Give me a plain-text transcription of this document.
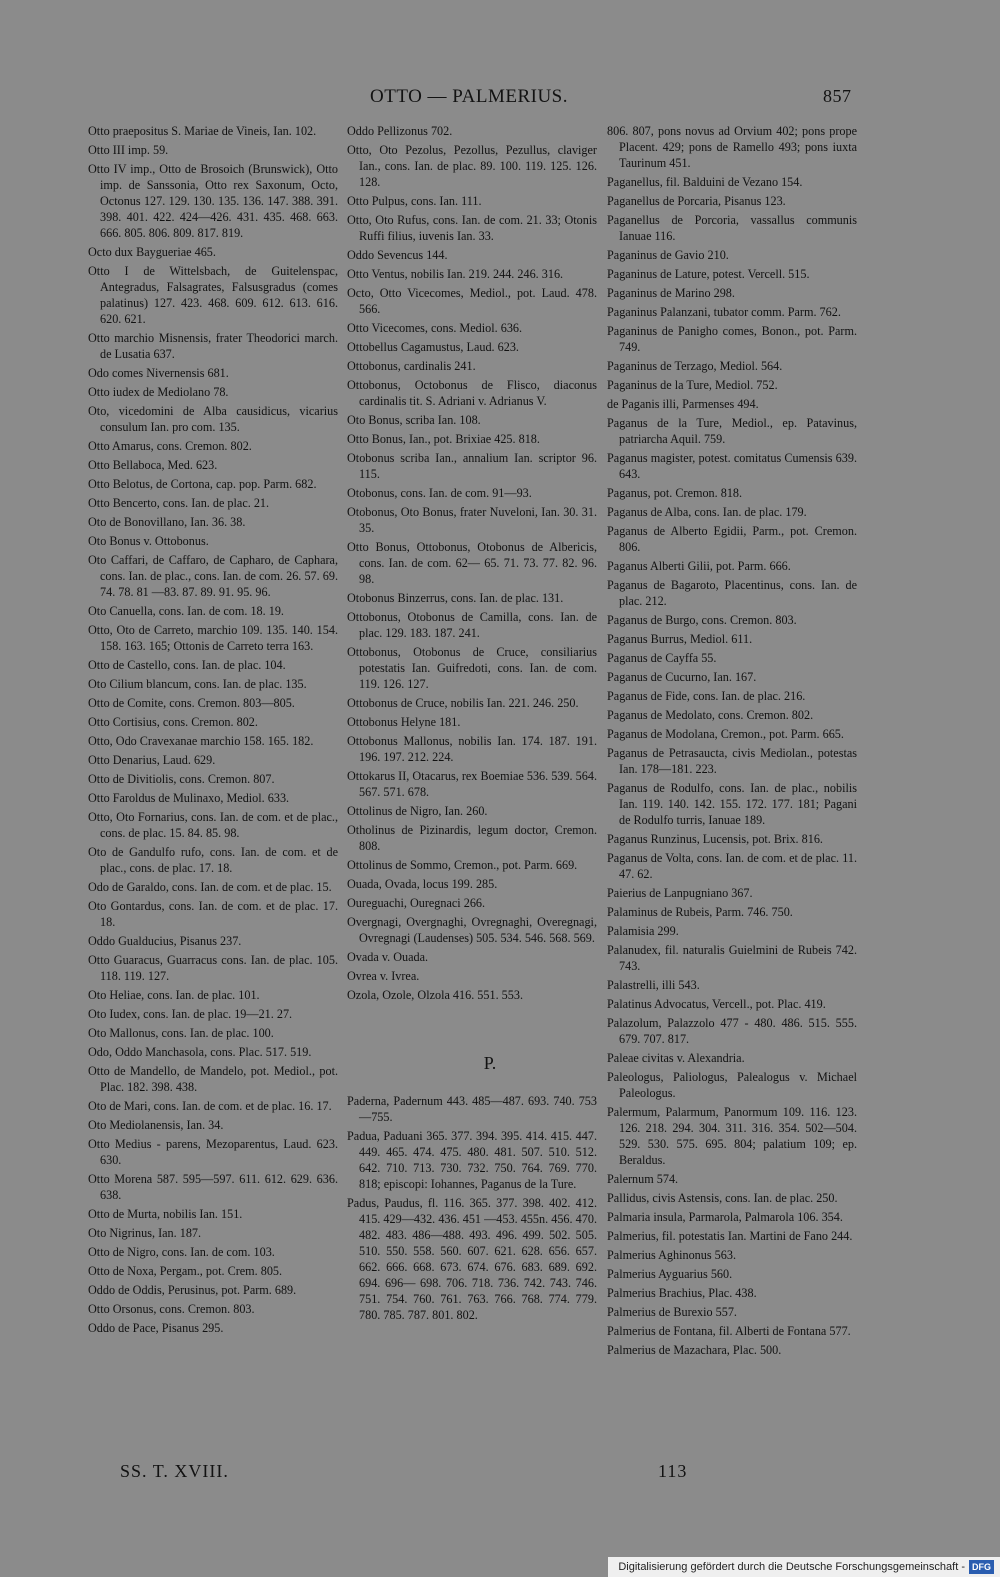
OTTO — PALMERIUS.	857
Otto praepositus S. Mariae de Vineis, Ian. 102.
Otto III imp. 59.
Otto IV imp., Otto de Brosoich (Brunswick), Otto imp. de Sanssonia, Otto rex Saxonum, Octo, Octonus 127. 129. 130. 135. 136. 147. 388. 391. 398. 401. 422. 424—426. 431. 435. 468. 663. 666. 805. 806. 809. 817. 819.
Octo dux Baygueriae 465.
Otto I de Wittelsbach, de Guitelenspac, Antegradus, Falsagrates, Falsusgradus (comes palatinus) 127. 423. 468. 609. 612. 613. 616. 620. 621.
Otto marchio Misnensis, frater Theodorici march. de Lusatia 637.
Odo comes Nivernensis 681.
Otto iudex de Mediolano 78.
Oto, vicedomini de Alba causidicus, vicarius consulum Ian. pro com. 135.
Otto Amarus, cons. Cremon. 802.
Otto Bellaboca, Med. 623.
Otto Belotus, de Cortona, cap. pop. Parm. 682.
Otto Bencerto, cons. Ian. de plac. 21.
Oto de Bonovillano, Ian. 36. 38.
Oto Bonus v. Ottobonus.
Oto Caffari, de Caffaro, de Capharo, de Caphara, cons. Ian. de plac., cons. Ian. de com. 26. 57. 69. 74. 78. 81 —83. 87. 89. 91. 95. 96.
Oto Canuella, cons. Ian. de com. 18. 19.
Otto, Oto de Carreto, marchio 109. 135. 140. 154. 158. 163. 165; Ottonis de Carreto terra 163.
Otto de Castello, cons. Ian. de plac. 104.
Oto Cilium blancum, cons. Ian. de plac. 135.
Otto de Comite, cons. Cremon. 803—805.
Otto Cortisius, cons. Cremon. 802.
Otto, Odo Cravexanae marchio 158. 165. 182.
Otto Denarius, Laud. 629.
Otto de Divitiolis, cons. Cremon. 807.
Otto Faroldus de Mulinaxo, Mediol. 633.
Otto, Oto Fornarius, cons. Ian. de com. et de plac., cons. de plac. 15. 84. 85. 98.
Oto de Gandulfo rufo, cons. Ian. de com. et de plac., cons. de plac. 17. 18.
Odo de Garaldo, cons. Ian. de com. et de plac. 15.
Oto Gontardus, cons. Ian. de com. et de plac. 17. 18.
Oddo Gualducius, Pisanus 237.
Otto Guaracus, Guarracus cons. Ian. de plac. 105. 118. 119. 127.
Oto Heliae, cons. Ian. de plac. 101.
Oto Iudex, cons. Ian. de plac. 19—21. 27.
Oto Mallonus, cons. Ian. de plac. 100.
Odo, Oddo Manchasola, cons. Plac. 517. 519.
Otto de Mandello, de Mandelo, pot. Mediol., pot. Plac. 182. 398. 438.
Oto de Mari, cons. Ian. de com. et de plac. 16. 17.
Oto Mediolanensis, Ian. 34.
Otto Medius - parens, Mezoparentus, Laud. 623. 630.
Otto Morena 587. 595—597. 611. 612. 629. 636. 638.
Otto de Murta, nobilis Ian. 151.
Oto Nigrinus, Ian. 187.
Otto de Nigro, cons. Ian. de com. 103.
Otto de Noxa, Pergam., pot. Crem. 805.
Oddo de Oddis, Perusinus, pot. Parm. 689.
Otto Orsonus, cons. Cremon. 803.
Oddo de Pace, Pisanus 295.
Oddo Pellizonus 702.
Otto, Oto Pezolus, Pezollus, Pezullus, claviger Ian., cons. Ian. de plac. 89. 100. 119. 125. 126. 128.
Otto Pulpus, cons. Ian. 111.
Otto, Oto Rufus, cons. Ian. de com. 21. 33; Otonis Ruffi filius, iuvenis Ian. 33.
Oddo Sevencus 144.
Otto Ventus, nobilis Ian. 219. 244. 246. 316.
Octo, Otto Vicecomes, Mediol., pot. Laud. 478. 566.
Otto Vicecomes, cons. Mediol. 636.
Ottobellus Cagamustus, Laud. 623.
Ottobonus, cardinalis 241.
Ottobonus, Octobonus de Flisco, diaconus cardinalis tit. S. Adriani v. Adrianus V.
Oto Bonus, scriba Ian. 108.
Otto Bonus, Ian., pot. Brixiae 425. 818.
Otobonus scriba Ian., annalium Ian. scriptor 96. 115.
Otobonus, cons. Ian. de com. 91—93.
Otobonus, Oto Bonus, frater Nuveloni, Ian. 30. 31. 35.
Otto Bonus, Ottobonus, Otobonus de Albericis, cons. Ian. de com. 62— 65. 71. 73. 77. 82. 96. 98.
Otobonus Binzerrus, cons. Ian. de plac. 131.
Ottobonus, Otobonus de Camilla, cons. Ian. de plac. 129. 183. 187. 241.
Ottobonus, Otobonus de Cruce, consiliarius potestatis Ian. Guifredoti, cons. Ian. de com. 119. 126. 127.
Ottobonus de Cruce, nobilis Ian. 221. 246. 250.
Ottobonus Helyne 181.
Ottobonus Mallonus, nobilis Ian. 174. 187. 191. 196. 197. 212. 224.
Ottokarus II, Otacarus, rex Boemiae 536. 539. 564. 567. 571. 678.
Ottolinus de Nigro, Ian. 260.
Otholinus de Pizinardis, legum doctor, Cremon. 808.
Ottolinus de Sommo, Cremon., pot. Parm. 669.
Ouada, Ovada, locus 199. 285.
Oureguachi, Ouregnaci 266.
Overgnagi, Overgnaghi, Ovregnaghi, Overegnagi, Ovregnagi (Laudenses) 505. 534. 546. 568. 569.
Ovada v. Ouada.
Ovrea v. Ivrea.
Ozola, Ozole, Olzola 416. 551. 553.
P.
Paderna, Padernum 443. 485—487. 693. 740. 753—755.
Padua, Paduani 365. 377. 394. 395. 414. 415. 447. 449. 465. 474. 475. 480. 481. 507. 510. 512. 642. 710. 713. 730. 732. 750. 764. 769. 770. 818; episcopi: Iohannes, Paganus de la Ture.
Padus, Paudus, fl. 116. 365. 377. 398. 402. 412. 415. 429—432. 436. 451 —453. 455n. 456. 470. 482. 483. 486—488. 493. 496. 499. 502. 505. 510. 550. 558. 560. 607. 621. 628. 656. 657. 662. 666. 668. 673. 674. 676. 683. 689. 692. 694. 696— 698. 706. 718. 736. 742. 743. 746. 751. 754. 760. 761. 763. 766. 768. 774. 779. 780. 785. 787. 801. 802.
806. 807, pons novus ad Orvium 402; pons prope Placent. 429; pons de Ramello 493; pons iuxta Taurinum 451.
Paganellus, fil. Balduini de Vezano 154.
Paganellus de Porcaria, Pisanus 123.
Paganellus de Porcoria, vassallus communis Ianuae 116.
Paganinus de Gavio 210.
Paganinus de Lature, potest. Vercell. 515.
Paganinus de Marino 298.
Paganinus Palanzani, tubator comm. Parm. 762.
Paganinus de Panigho comes, Bonon., pot. Parm. 749.
Paganinus de Terzago, Mediol. 564.
Paganinus de la Ture, Mediol. 752.
de Paganis illi, Parmenses 494.
Paganus de la Ture, Mediol., ep. Patavinus, patriarcha Aquil. 759.
Paganus magister, potest. comitatus Cumensis 639. 643.
Paganus, pot. Cremon. 818.
Paganus de Alba, cons. Ian. de plac. 179.
Paganus de Alberto Egidii, Parm., pot. Cremon. 806.
Paganus Alberti Gilii, pot. Parm. 666.
Paganus de Bagaroto, Placentinus, cons. Ian. de plac. 212.
Paganus de Burgo, cons. Cremon. 803.
Paganus Burrus, Mediol. 611.
Paganus de Cayffa 55.
Paganus de Cucurno, Ian. 167.
Paganus de Fide, cons. Ian. de plac. 216.
Paganus de Medolato, cons. Cremon. 802.
Paganus de Modolana, Cremon., pot. Parm. 665.
Paganus de Petrasaucta, civis Mediolan., potestas Ian. 178—181. 223.
Paganus de Rodulfo, cons. Ian. de plac., nobilis Ian. 119. 140. 142. 155. 172. 177. 181; Pagani de Rodulfo turris, Ianuae 189.
Paganus Runzinus, Lucensis, pot. Brix. 816.
Paganus de Volta, cons. Ian. de com. et de plac. 11. 47. 62.
Paierius de Lanpugniano 367.
Palaminus de Rubeis, Parm. 746. 750.
Palamisia 299.
Palanudex, fil. naturalis Guielmini de Rubeis 742. 743.
Palastrelli, illi 543.
Palatinus Advocatus, Vercell., pot. Plac. 419.
Palazolum, Palazzolo 477 - 480. 486. 515. 555. 679. 707. 817.
Paleae civitas v. Alexandria.
Paleologus, Paliologus, Palealogus v. Michael Paleologus.
Palermum, Palarmum, Panormum 109. 116. 123. 126. 218. 294. 304. 311. 316. 354. 502—504. 529. 530. 575. 695. 804; palatium 109; ep. Beraldus.
Palernum 574.
Pallidus, civis Astensis, cons. Ian. de plac. 250.
Palmaria insula, Parmarola, Palmarola 106. 354.
Palmerius, fil. potestatis Ian. Martini de Fano 244.
Palmerius Aghinonus 563.
Palmerius Ayguarius 560.
Palmerius Brachius, Plac. 438.
Palmerius de Burexio 557.
Palmerius de Fontana, fil. Alberti de Fontana 577.
Palmerius de Mazachara, Plac. 500.
SS. T. XVIII.	113
Digitalisierung gefördert durch die Deutsche Forschungsgemeinschaft - DFG
